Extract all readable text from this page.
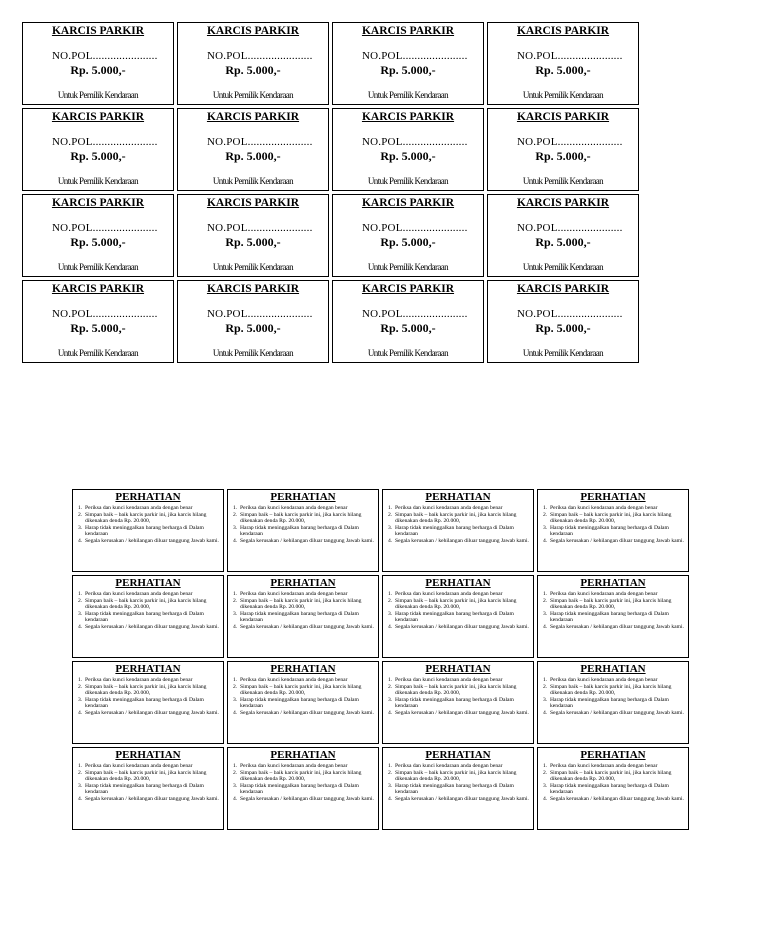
KARCIS PARKIR
NO.POL......................
Rp. 5.000,-
Untuk Pemilik Kendaraan
KARCIS PARKIR
NO.POL......................
Rp. 5.000,-
Untuk Pemilik Kendaraan
KARCIS PARKIR
NO.POL......................
Rp. 5.000,-
Untuk Pemilik Kendaraan
KARCIS PARKIR
NO.POL......................
Rp. 5.000,-
Untuk Pemilik Kendaraan
KARCIS PARKIR
NO.POL......................
Rp. 5.000,-
Untuk Pemilik Kendaraan
KARCIS PARKIR
NO.POL......................
Rp. 5.000,-
Untuk Pemilik Kendaraan
KARCIS PARKIR
NO.POL......................
Rp. 5.000,-
Untuk Pemilik Kendaraan
KARCIS PARKIR
NO.POL......................
Rp. 5.000,-
Untuk Pemilik Kendaraan
KARCIS PARKIR
NO.POL......................
Rp. 5.000,-
Untuk Pemilik Kendaraan
KARCIS PARKIR
NO.POL......................
Rp. 5.000,-
Untuk Pemilik Kendaraan
KARCIS PARKIR
NO.POL......................
Rp. 5.000,-
Untuk Pemilik Kendaraan
KARCIS PARKIR
NO.POL......................
Rp. 5.000,-
Untuk Pemilik Kendaraan
KARCIS PARKIR
NO.POL......................
Rp. 5.000,-
Untuk Pemilik Kendaraan
KARCIS PARKIR
NO.POL......................
Rp. 5.000,-
Untuk Pemilik Kendaraan
KARCIS PARKIR
NO.POL......................
Rp. 5.000,-
Untuk Pemilik Kendaraan
KARCIS PARKIR
NO.POL......................
Rp. 5.000,-
Untuk Pemilik Kendaraan
PERHATIAN
1. Periksa dan kunci kendaraan anda dengan benar
2. Simpan baik – baik karcis parkir ini, jika karcis hilang dikenakan denda Rp. 20.000,
3. Harap tidak meninggalkan barang berharga di Dalam kendaraan
4. Segala kerusakan / kehilangan diluar tanggung Jawab kami.
PERHATIAN
1. Periksa dan kunci kendaraan anda dengan benar
2. Simpan baik – baik karcis parkir ini, jika karcis hilang dikenakan denda Rp. 20.000,
3. Harap tidak meninggalkan barang berharga di Dalam kendaraan
4. Segala kerusakan / kehilangan diluar tanggung Jawab kami.
PERHATIAN
1. Periksa dan kunci kendaraan anda dengan benar
2. Simpan baik – baik karcis parkir ini, jika karcis hilang dikenakan denda Rp. 20.000,
3. Harap tidak meninggalkan barang berharga di Dalam kendaraan
4. Segala kerusakan / kehilangan diluar tanggung Jawab kami.
PERHATIAN
1. Periksa dan kunci kendaraan anda dengan benar
2. Simpan baik – baik karcis parkir ini, jika karcis hilang dikenakan denda Rp. 20.000,
3. Harap tidak meninggalkan barang berharga di Dalam kendaraan
4. Segala kerusakan / kehilangan diluar tanggung Jawab kami.
PERHATIAN
1. Periksa dan kunci kendaraan anda dengan benar
2. Simpan baik – baik karcis parkir ini, jika karcis hilang dikenakan denda Rp. 20.000,
3. Harap tidak meninggalkan barang berharga di Dalam kendaraan
4. Segala kerusakan / kehilangan diluar tanggung Jawab kami.
PERHATIAN
1. Periksa dan kunci kendaraan anda dengan benar
2. Simpan baik – baik karcis parkir ini, jika karcis hilang dikenakan denda Rp. 20.000,
3. Harap tidak meninggalkan barang berharga di Dalam kendaraan
4. Segala kerusakan / kehilangan diluar tanggung Jawab kami.
PERHATIAN
1. Periksa dan kunci kendaraan anda dengan benar
2. Simpan baik – baik karcis parkir ini, jika karcis hilang dikenakan denda Rp. 20.000,
3. Harap tidak meninggalkan barang berharga di Dalam kendaraan
4. Segala kerusakan / kehilangan diluar tanggung Jawab kami.
PERHATIAN
1. Periksa dan kunci kendaraan anda dengan benar
2. Simpan baik – baik karcis parkir ini, jika karcis hilang dikenakan denda Rp. 20.000,
3. Harap tidak meninggalkan barang berharga di Dalam kendaraan
4. Segala kerusakan / kehilangan diluar tanggung Jawab kami.
PERHATIAN
1. Periksa dan kunci kendaraan anda dengan benar
2. Simpan baik – baik karcis parkir ini, jika karcis hilang dikenakan denda Rp. 20.000,
3. Harap tidak meninggalkan barang berharga di Dalam kendaraan
4. Segala kerusakan / kehilangan diluar tanggung Jawab kami.
PERHATIAN
1. Periksa dan kunci kendaraan anda dengan benar
2. Simpan baik – baik karcis parkir ini, jika karcis hilang dikenakan denda Rp. 20.000,
3. Harap tidak meninggalkan barang berharga di Dalam kendaraan
4. Segala kerusakan / kehilangan diluar tanggung Jawab kami.
PERHATIAN
1. Periksa dan kunci kendaraan anda dengan benar
2. Simpan baik – baik karcis parkir ini, jika karcis hilang dikenakan denda Rp. 20.000,
3. Harap tidak meninggalkan barang berharga di Dalam kendaraan
4. Segala kerusakan / kehilangan diluar tanggung Jawab kami.
PERHATIAN
1. Periksa dan kunci kendaraan anda dengan benar
2. Simpan baik – baik karcis parkir ini, jika karcis hilang dikenakan denda Rp. 20.000,
3. Harap tidak meninggalkan barang berharga di Dalam kendaraan
4. Segala kerusakan / kehilangan diluar tanggung Jawab kami.
PERHATIAN
1. Periksa dan kunci kendaraan anda dengan benar
2. Simpan baik – baik karcis parkir ini, jika karcis hilang dikenakan denda Rp. 20.000,
3. Harap tidak meninggalkan barang berharga di Dalam kendaraan
4. Segala kerusakan / kehilangan diluar tanggung Jawab kami.
PERHATIAN
1. Periksa dan kunci kendaraan anda dengan benar
2. Simpan baik – baik karcis parkir ini, jika karcis hilang dikenakan denda Rp. 20.000,
3. Harap tidak meninggalkan barang berharga di Dalam kendaraan
4. Segala kerusakan / kehilangan diluar tanggung Jawab kami.
PERHATIAN
1. Periksa dan kunci kendaraan anda dengan benar
2. Simpan baik – baik karcis parkir ini, jika karcis hilang dikenakan denda Rp. 20.000,
3. Harap tidak meninggalkan barang berharga di Dalam kendaraan
4. Segala kerusakan / kehilangan diluar tanggung Jawab kami.
PERHATIAN
1. Periksa dan kunci kendaraan anda dengan benar
2. Simpan baik – baik karcis parkir ini, jika karcis hilang dikenakan denda Rp. 20.000,
3. Harap tidak meninggalkan barang berharga di Dalam kendaraan
4. Segala kerusakan / kehilangan diluar tanggung Jawab kami.
